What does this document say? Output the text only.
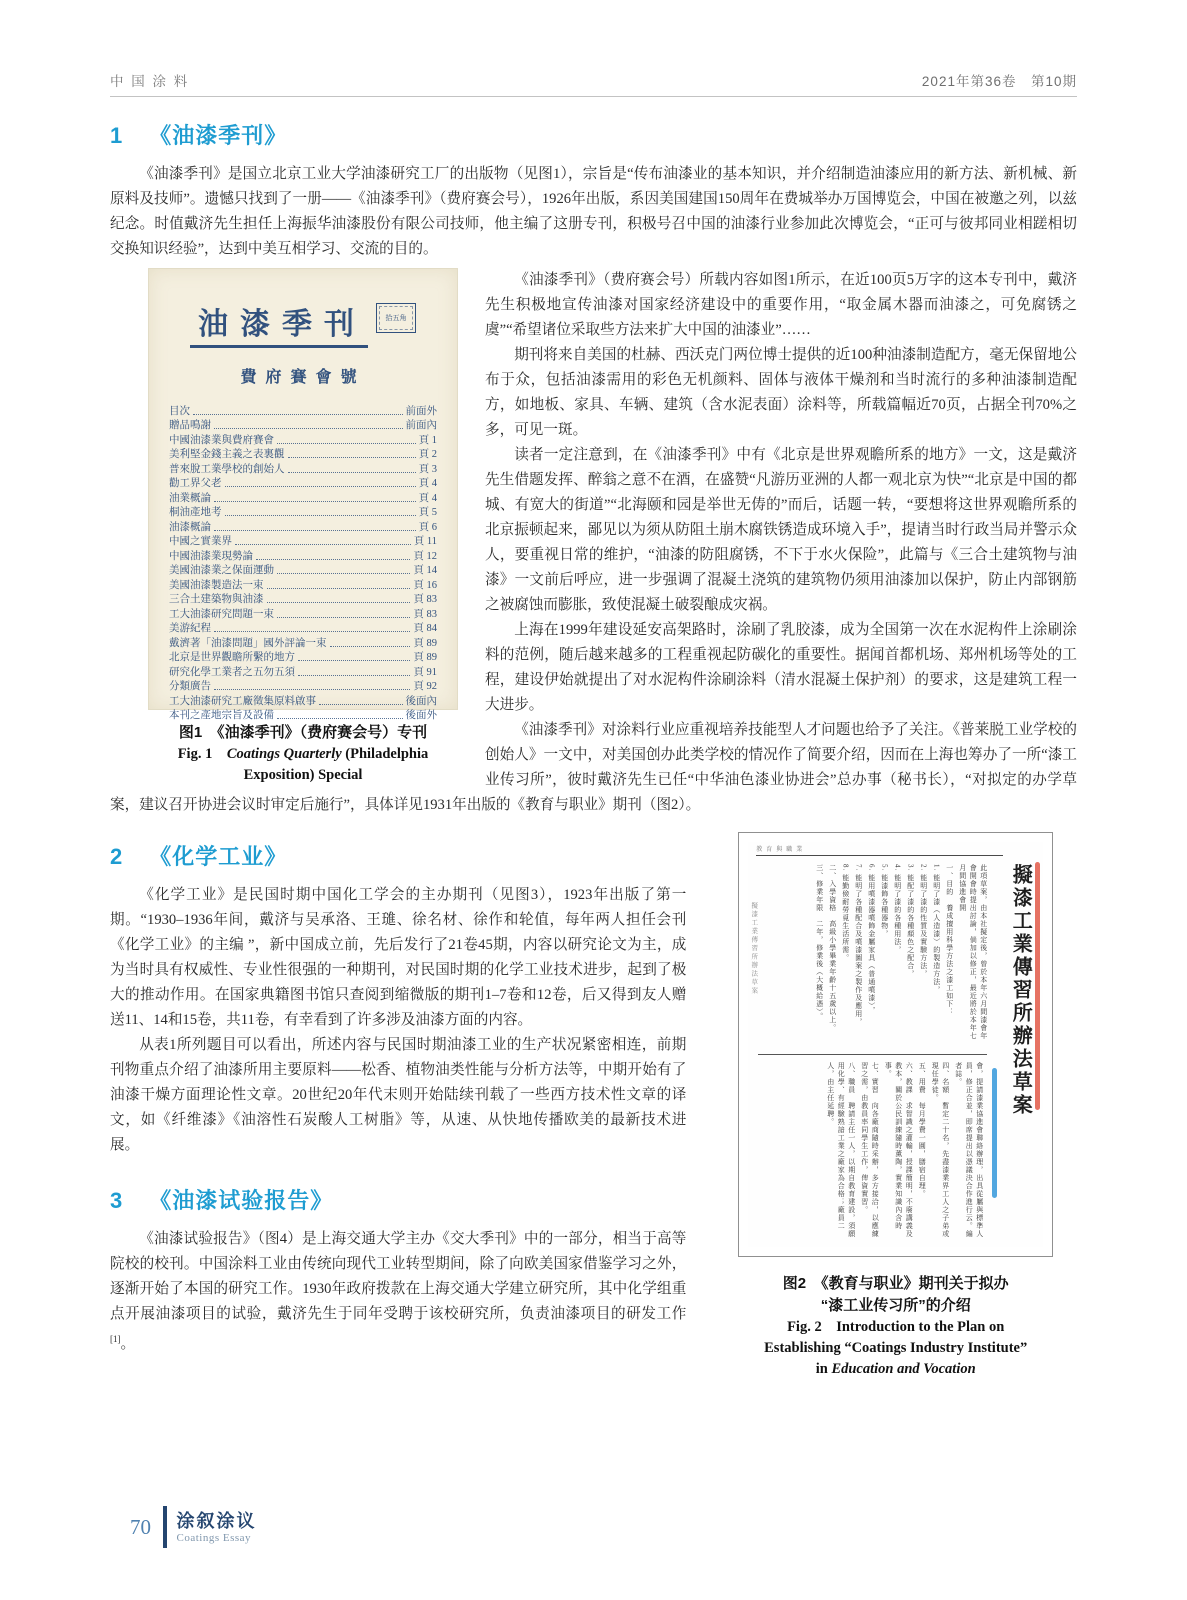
中 国 涂 料	2021年第36卷　第10期
1 《油漆季刊》

《油漆季刊》是国立北京工业大学油漆研究工厂的出版物（见图1），宗旨是“传布油漆业的基本知识，并介绍制造油漆应用的新方法、新机械、新原料及技师”。遗憾只找到了一册——《油漆季刊》（费府赛会号），1926年出版，系因美国建国150周年在费城举办万国博览会，中国在被邀之列，以兹纪念。时值戴济先生担任上海振华油漆股份有限公司技师，他主编了这册专刊，积极号召中国的油漆行业参加此次博览会，“正可与彼邦同业相蹉相切交换知识经验”，达到中美互相学习、交流的目的。

油漆季刊	拾五角
費府賽會號
目次	前面外
贈品鳴謝	前面內
中國油漆業與費府賽會	頁 1
美利堅金錢主義之表裏觀	頁 2
普來脫工業學校的創始人	頁 3
勸工界父老	頁 4
油業概論	頁 4
桐油產地考	頁 5
油漆概論	頁 6
中國之實業界	頁 11
中國油漆業現勢論	頁 12
美國油漆業之保面運動	頁 14
美國油漆製造法一束	頁 16
三合土建築物與油漆	頁 83
工大油漆研究問題一束	頁 83
美游紀程	頁 84
戴濟著「油漆問題」國外評論一束	頁 89
北京是世界觀瞻所繫的地方	頁 89
研究化學工業者之五勿五須	頁 91
分類廣告	頁 92
工大油漆研究工廠徵集原料啟事	後面內
本刊之產地宗旨及設備	後面外
图1　《油漆季刊》（费府赛会号）专刊
Fig. 1　Coatings Quarterly (Philadelphia
Exposition) Special

《油漆季刊》（费府赛会号）所载内容如图1所示，在近100页5万字的这本专刊中，戴济先生积极地宣传油漆对国家经济建设中的重要作用，“取金属木器而油漆之，可免腐锈之虞”“希望诸位采取些方法来扩大中国的油漆业”……

期刊将来自美国的杜赫、西沃克门两位博士提供的近100种油漆制造配方，毫无保留地公布于众，包括油漆需用的彩色无机颜料、固体与液体干燥剂和当时流行的多种油漆制造配方，如地板、家具、车辆、建筑（含水泥表面）涂料等，所载篇幅近70页，占据全刊70%之多，可见一斑。

读者一定注意到，在《油漆季刊》中有《北京是世界观瞻所系的地方》一文，这是戴济先生借题发挥、醉翁之意不在酒，在盛赞“凡游历亚洲的人都一观北京为快”“北京是中国的都城、有宽大的街道”“北海颐和园是举世无俦的”而后，话题一转，“要想将这世界观瞻所系的北京振顿起来，鄙见以为须从防阻土崩木腐铁锈造成环境入手”，提请当时行政当局并警示众人，要重视日常的维护，“油漆的防阻腐锈，不下于水火保险”，此篇与《三合土建筑物与油漆》一文前后呼应，进一步强调了混凝土浇筑的建筑物仍须用油漆加以保护，防止内部钢筋之被腐蚀而膨胀，致使混凝土破裂酿成灾祸。

上海在1999年建设延安高架路时，涂刷了乳胶漆，成为全国第一次在水泥构件上涂刷涂料的范例，随后越来越多的工程重视起防碳化的重要性。据闻首都机场、郑州机场等处的工程，建设伊始就提出了对水泥构件涂刷涂料（清水混凝土保护剂）的要求，这是建筑工程一大进步。

《油漆季刊》对涂料行业应重视培养技能型人才问题也给予了关注。《普莱脱工业学校的创始人》一文中，对美国创办此类学校的情况作了简要介绍，因而在上海也筹办了一所“漆工业传习所”，彼时戴济先生已任“中华油色漆业协进会”总办事（秘书长），“对拟定的办学草案，建议召开协进会议时审定后施行”，具体详见1931年出版的《教育与职业》期刊（图2）。

2 《化学工业》

《化学工业》是民国时期中国化工学会的主办期刊（见图3），1923年出版了第一期。“1930–1936年间，戴济与吴承洛、王璡、徐名材、徐作和轮值，每年两人担任会刊《化学工业》的主编 ”，新中国成立前，先后发行了21卷45期，内容以研究论文为主，成为当时具有权威性、专业性很强的一种期刊，对民国时期的化学工业技术进步，起到了极大的推动作用。在国家典籍图书馆只查阅到缩微版的期刊1–7卷和12卷，后又得到友人赠送11、14和15卷，共11卷，有幸看到了许多涉及油漆方面的内容。

从表1所列题目可以看出，所述内容与民国时期油漆工业的生产状况紧密相连，前期刊物重点介绍了油漆所用主要原料——松香、植物油类性能与分析方法等，中期开始有了油漆干燥方面理论性文章。20世纪20年代末则开始陆续刊载了一些西方技术性文章的译文，如《纤维漆》《油溶性石炭酸人工树脂》等，从速、从快地传播欧美的最新技术进展。

3 《油漆试验报告》

《油漆试验报告》（图4）是上海交通大学主办《交大季刊》中的一部分，相当于高等院校的校刊。中国涂料工业由传统向现代工业转型期间，除了向欧美国家借鉴学习之外，逐渐开始了本国的研究工作。1930年政府拨款在上海交通大学建立研究所，其中化学组重点开展油漆项目的试验，戴济先生于同年受聘于该校研究所，负责油漆项目的研发工作[1]。

教育與職業
擬漆工業傳習所辦法草案	擬漆工業傳習所辦法草案
此項草案，由本社擬定後，曾於本年六月間漆會年會開會時提出討論，倘加以修正，最近將於本年七月間協進會開
一、目的　養成擅用科學方法之漆工如下：
1. 能明了漆（人造漆）的製造方法，
2. 能明了漆的性質及實驗方法，
3. 能配了漆的各種顏色之配合，
4. 能明了漆的各種用法，
5. 能漆飾各種器物，
6. 能用噴漆器噴飾金屬家具（普通噴漆），
7. 能明了各種配合及噴漆圖案之製作及應用，
8. 能勤儉耐勞覓生活所需。
二、入學資格　高級小學畢業年齡十五歲以上。
三、修業年限　二年，修業後（大概給憑）。
會，提請漆業協進會聯絡辦理，出具從屬與標準人員，修正合並，即席提出以憑議決合作進行云。編者誌。
四、名額　暫定二十名，先盡漆業界工人之子弟或現任學徒。
五、用費　每月學費一圓，膳宿自理。
六、教課　求智識之灌輸，授課簡明，不廢講義及教本，關於公民訓練隨時薰陶，實業知識內含時事。
七、實習　向各廠商隨時采辦，多方接洽，以應練習之需，由教員率同學生工作，俾資實習。
八、職員　聘請主任一人，以期自教育建設，須願用化學、有經驗熟諳工業之廠家為合格；廠員二人，由主任延聘。
图2　《教育与职业》期刊关于拟办
“漆工业传习所”的介绍
Fig. 2　Introduction to the Plan on
Establishing “Coatings Industry Institute”
in Education and Vocation
70 涂叙涂议
Coatings Essay
